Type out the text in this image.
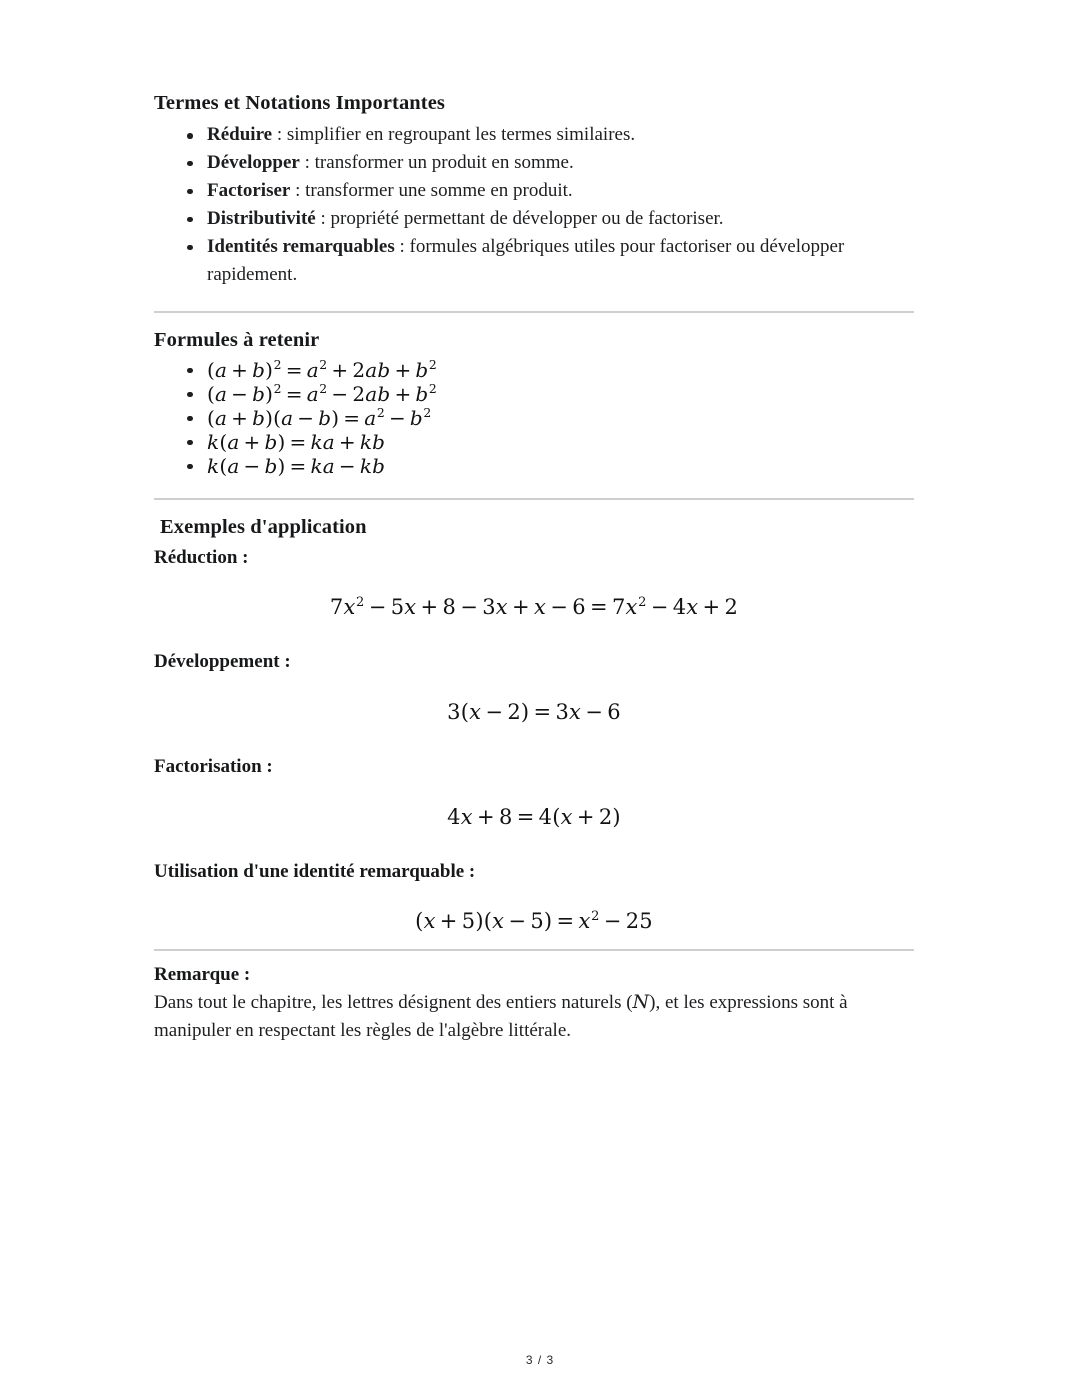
Termes et Notations Importantes
Réduire : simplifier en regroupant les termes similaires.
Développer : transformer un produit en somme.
Factoriser : transformer une somme en produit.
Distributivité : propriété permettant de développer ou de factoriser.
Identités remarquables : formules algébriques utiles pour factoriser ou développer rapidement.
Formules à retenir
$(a + b)^2 = a^2 + 2ab + b^2$
$(a - b)^2 = a^2 - 2ab + b^2$
$(a + b)(a - b) = a^2 - b^2$
k(a + b) = ka + kb
k(a − b) = ka − kb
Exemples d'application
Réduction :
$7x^2 - 5x + 8 - 3x + x - 6 = 7x^2 - 4x + 2$
Développement :
3(x − 2) = 3x − 6
Factorisation :
4x + 8 = 4(x + 2)
Utilisation d'une identité remarquable :
$(x + 5)(x - 5) = x^2 - 25$
Remarque :

Dans tout le chapitre, les lettres désignent des entiers naturels (N), et les expressions sont à manipuler en respectant les règles de l'algèbre littérale.

3 / 3
